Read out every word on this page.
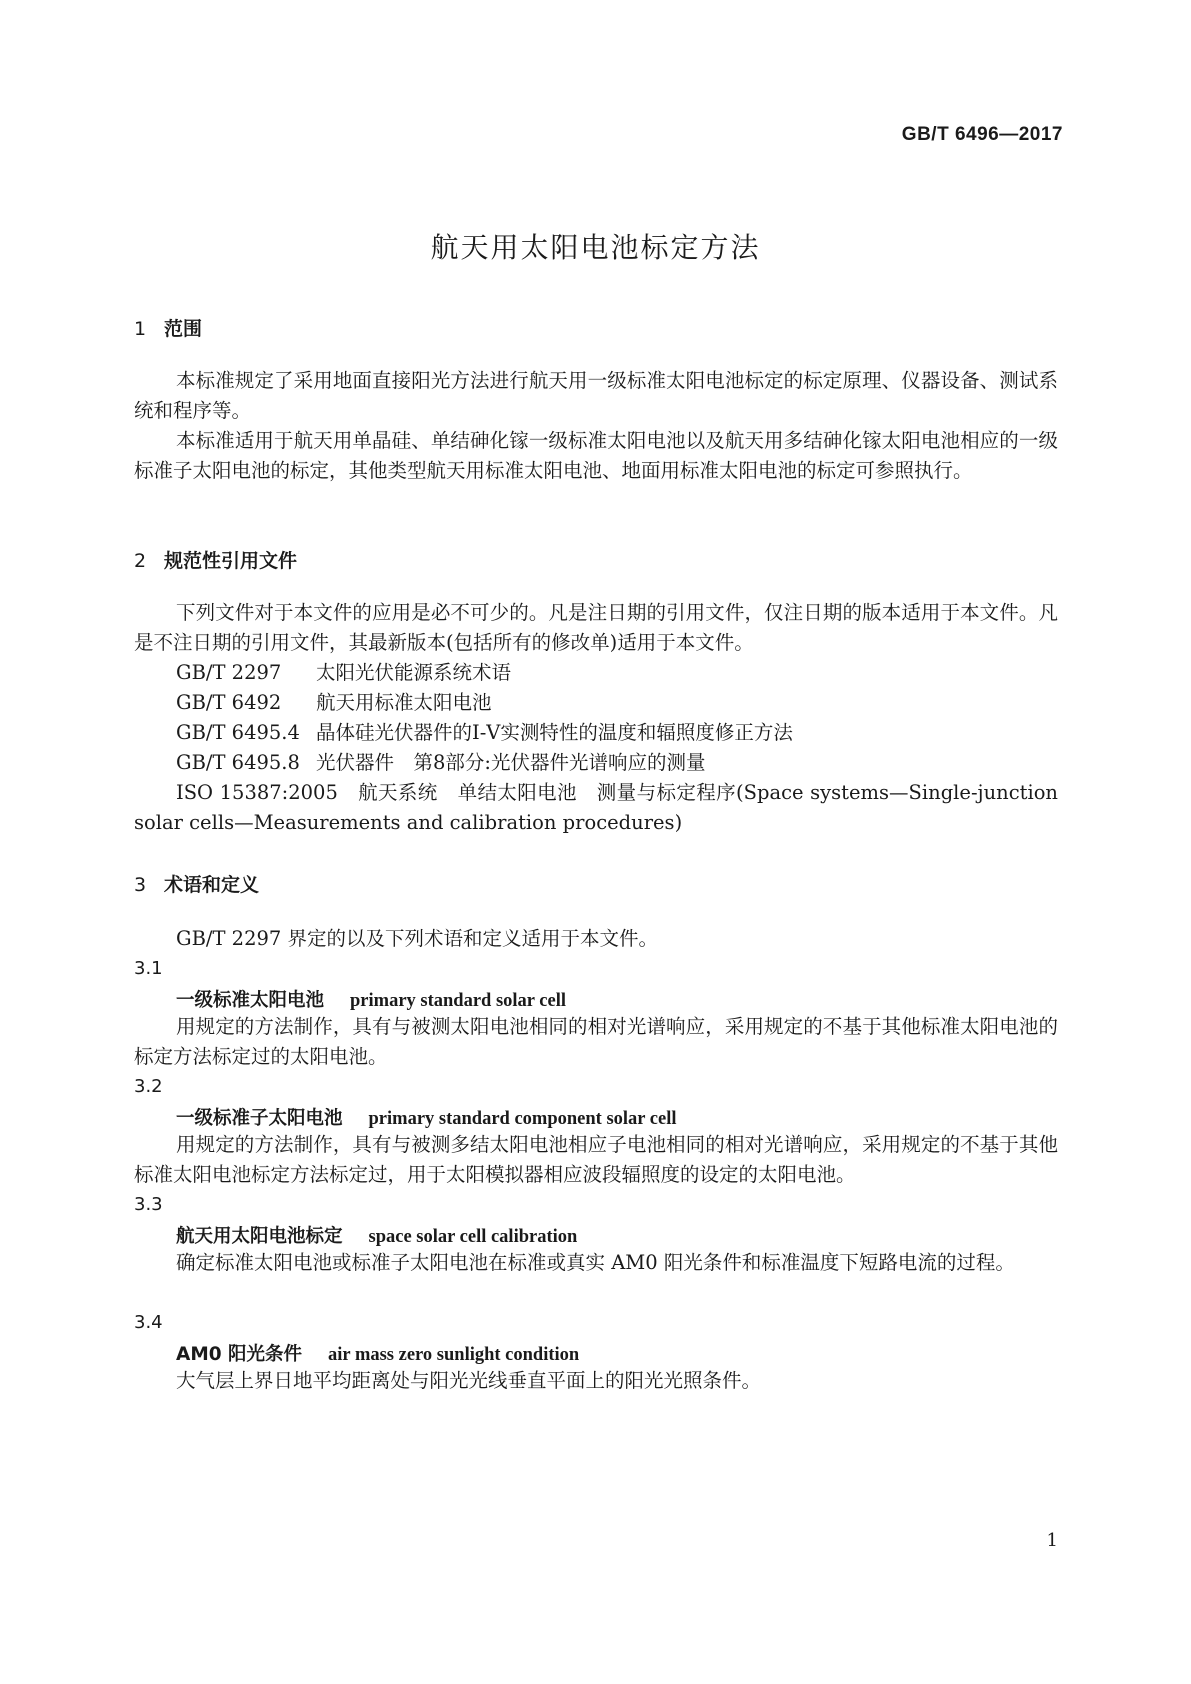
GB/T 6496—2017
航天用太阳电池标定方法
1 范围

本标准规定了采用地面直接阳光方法进行航天用一级标准太阳电池标定的标定原理、仪器设备、测试系统和程序等。

本标准适用于航天用单晶硅、单结砷化镓一级标准太阳电池以及航天用多结砷化镓太阳电池相应的一级标准子太阳电池的标定，其他类型航天用标准太阳电池、地面用标准太阳电池的标定可参照执行。

2 规范性引用文件

下列文件对于本文件的应用是必不可少的。凡是注日期的引用文件，仅注日期的版本适用于本文件。凡是不注日期的引用文件，其最新版本(包括所有的修改单)适用于本文件。

GB/T 2297 太阳光伏能源系统术语
GB/T 6492 航天用标准太阳电池
GB/T 6495.4 晶体硅光伏器件的Ⅰ-Ⅴ实测特性的温度和辐照度修正方法
GB/T 6495.8 光伏器件　第8部分:光伏器件光谱响应的测量

ISO 15387:2005　航天系统　单结太阳电池　测量与标定程序(Space systems—Single-junction solar cells—Measurements and calibration procedures)

3 术语和定义

GB/T 2297 界定的以及下列术语和定义适用于本文件。

3.1
一级标准太阳电池 primary standard solar cell

用规定的方法制作，具有与被测太阳电池相同的相对光谱响应，采用规定的不基于其他标准太阳电池的标定方法标定过的太阳电池。

3.2
一级标准子太阳电池 primary standard component solar cell

用规定的方法制作，具有与被测多结太阳电池相应子电池相同的相对光谱响应，采用规定的不基于其他标准太阳电池标定方法标定过，用于太阳模拟器相应波段辐照度的设定的太阳电池。

3.3
航天用太阳电池标定 space solar cell calibration

确定标准太阳电池或标准子太阳电池在标准或真实 AM0 阳光条件和标准温度下短路电流的过程。

3.4
AM0 阳光条件 air mass zero sunlight condition

大气层上界日地平均距离处与阳光光线垂直平面上的阳光光照条件。

1
